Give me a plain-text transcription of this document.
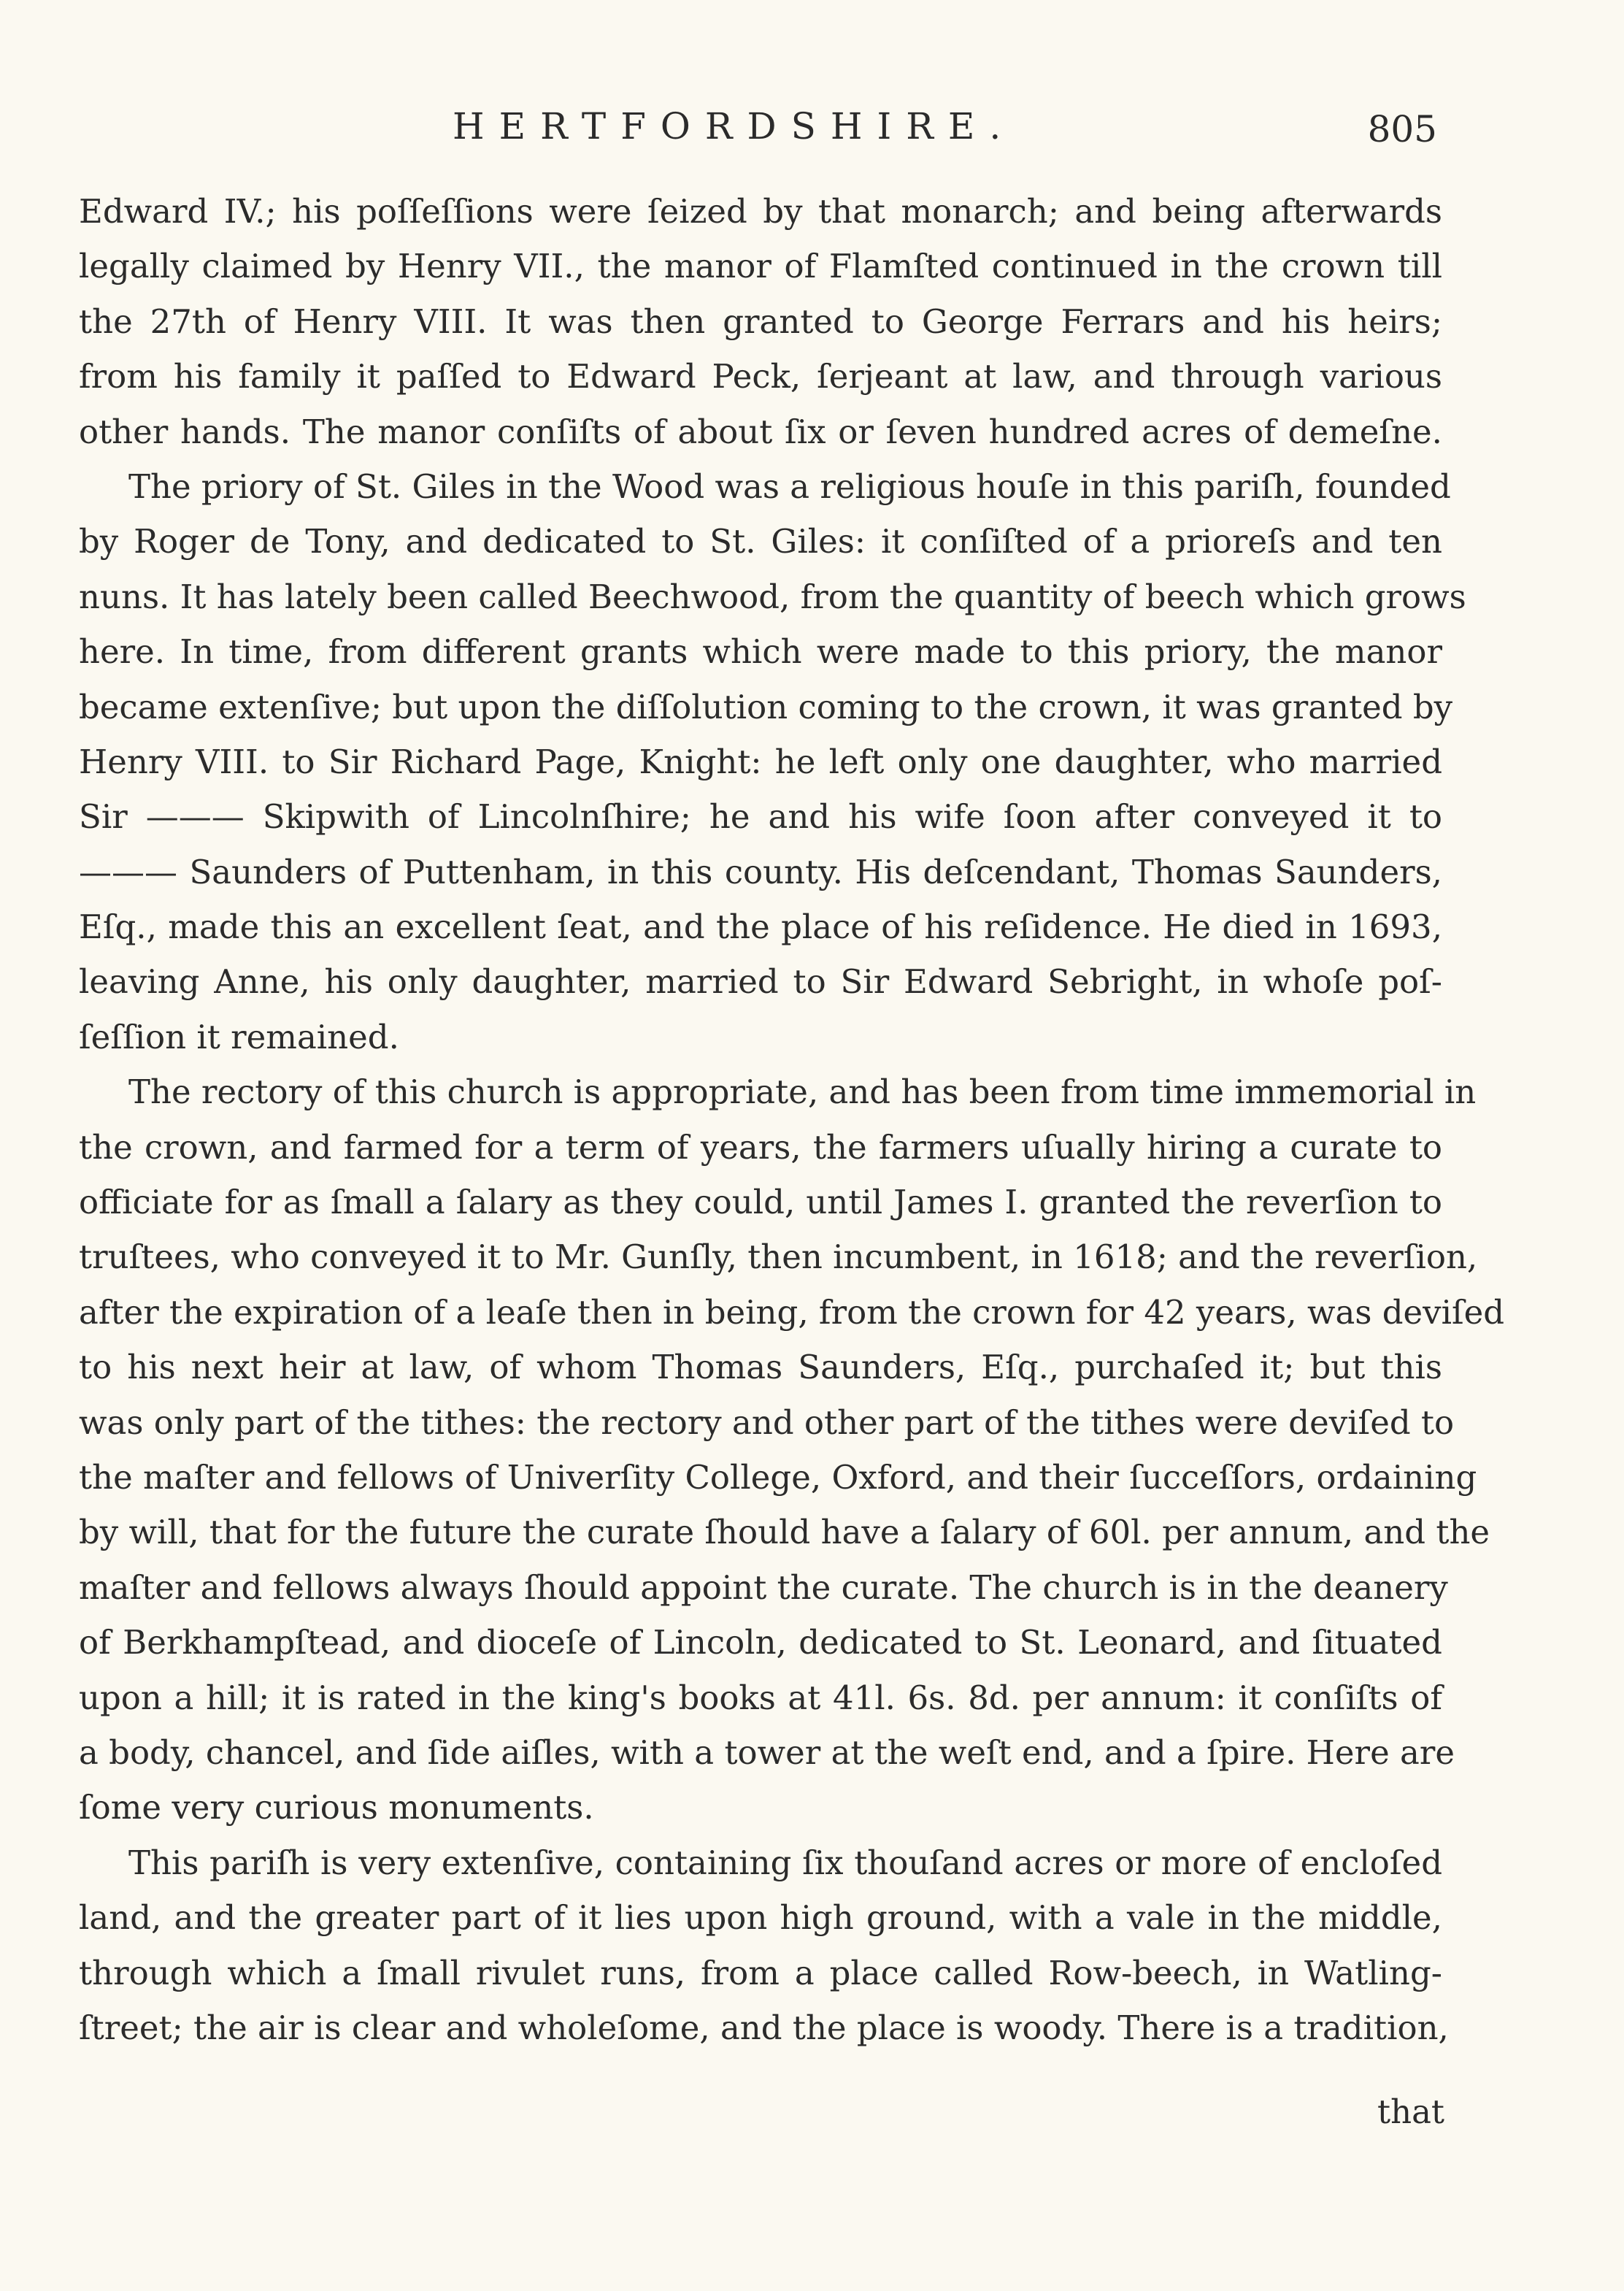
HERTFORDSHIRE.	805
Edward IV.; his poſſeſſions were ſeized by that monarch; and being afterwards
legally claimed by Henry VII., the manor of Flamſted continued in the crown till
the 27th of Henry VIII. It was then granted to George Ferrars and his heirs;
from his family it paſſed to Edward Peck, ſerjeant at law, and through various
other hands. The manor conſiſts of about ſix or ſeven hundred acres of demeſne.
The priory of St. Giles in the Wood was a religious houſe in this pariſh, founded
by Roger de Tony, and dedicated to St. Giles: it conſiſted of a prioreſs and ten
nuns. It has lately been called Beechwood, from the quantity of beech which grows
here. In time, from different grants which were made to this priory, the manor
became extenſive; but upon the diſſolution coming to the crown, it was granted by
Henry VIII. to Sir Richard Page, Knight: he left only one daughter, who married
Sir ——— Skipwith of Lincolnſhire; he and his wife ſoon after conveyed it to
——— Saunders of Puttenham, in this county. His deſcendant, Thomas Saunders,
Eſq., made this an excellent ſeat, and the place of his reſidence. He died in 1693,
leaving Anne, his only daughter, married to Sir Edward Sebright, in whoſe poſ-
ſeſſion it remained.
The rectory of this church is appropriate, and has been from time immemorial in
the crown, and farmed for a term of years, the farmers uſually hiring a curate to
officiate for as ſmall a ſalary as they could, until James I. granted the reverſion to
truſtees, who conveyed it to Mr. Gunſly, then incumbent, in 1618; and the reverſion,
after the expiration of a leaſe then in being, from the crown for 42 years, was deviſed
to his next heir at law, of whom Thomas Saunders, Eſq., purchaſed it; but this
was only part of the tithes: the rectory and other part of the tithes were deviſed to
the maſter and fellows of Univerſity College, Oxford, and their ſucceſſors, ordaining
by will, that for the future the curate ſhould have a ſalary of 60l. per annum, and the
maſter and fellows always ſhould appoint the curate. The church is in the deanery
of Berkhampſtead, and dioceſe of Lincoln, dedicated to St. Leonard, and ſituated
upon a hill; it is rated in the king's books at 41l. 6s. 8d. per annum: it conſiſts of
a body, chancel, and ſide aiſles, with a tower at the weſt end, and a ſpire. Here are
ſome very curious monuments.
This pariſh is very extenſive, containing ſix thouſand acres or more of encloſed
land, and the greater part of it lies upon high ground, with a vale in the middle,
through which a ſmall rivulet runs, from a place called Row-beech, in Watling-
ſtreet; the air is clear and wholeſome, and the place is woody. There is a tradition,
that
